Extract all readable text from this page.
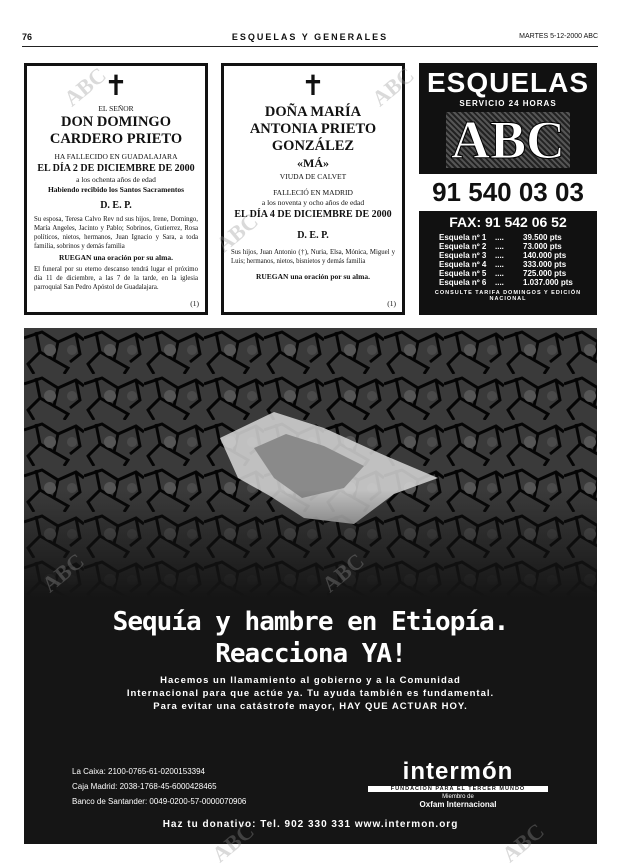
76	ESQUELAS Y GENERALES	MARTES 5-12-2000 ABC
✝
EL SEÑOR
DON DOMINGO CARDERO PRIETO
HA FALLECIDO EN GUADALAJARA
EL DÍA 2 DE DICIEMBRE DE 2000
a los ochenta años de edad
Habiendo recibido los Santos Sacramentos
D. E. P.
Su esposa, Teresa Calvo Rev nd sus hijos, Irene, Domingo, María Angeles, Jacinto y Pablo; Sobrinos, Gutierrez, Rosa políticos, nietos, hermanos, Juan Ignacio y Sara, a toda familia, sobrinos y demás familia
RUEGAN una oración por su alma.
El funeral por su eterno descanso tendrá lugar el próximo día 11 de diciembre, a las 7 de la tarde, en la iglesia parroquial San Pedro Apóstol de Guadalajara.
(1)
✝
DOÑA MARÍA ANTONIA PRIETO GONZÁLEZ
«MÁ»
VIUDA DE CALVET
FALLECIÓ EN MADRID
a los noventa y ocho años de edad
EL DÍA 4 DE DICIEMBRE DE 2000
D. E. P.
Sus hijos, Juan Antonio (†), Nuria, Elsa, Mónica, Miguel y Luis; hermanos, nietos, bisnietos y demás familia
RUEGAN una oración por su alma.
(1)
ESQUELAS
SERVICIO 24 HORAS
ABC
91 540 03 03
FAX: 91 542 06 52
Esquela nº 1	....	39.500 pts
Esquela nº 2	....	73.000 pts
Esquela nº 3	....	140.000 pts
Esquela nº 4	....	333.000 pts
Esquela nº 5	....	725.000 pts
Esquela nº 6	....	1.037.000 pts
CONSULTE TARIFA DOMINGOS Y EDICIÓN NACIONAL
Sequía y hambre en Etiopía.
Reacciona YA!
Hacemos un llamamiento al gobierno y a la Comunidad
Internacional para que actúe ya. Tu ayuda también es fundamental.
Para evitar una catástrofe mayor, HAY QUE ACTUAR HOY.
La Caixa: 2100-0765-61-0200153394
Caja Madrid: 2038-1768-45-6000428465
Banco de Santander: 0049-0200-57-0000070906
intermón
FUNDACIÓN PARA EL TERCER MUNDO
Miembro de
Oxfam Internacional
Haz tu donativo: Tel. 902 330 331 www.intermon.org
ABC	ABC
ABC
ABC
ABC
ABC
ABC
